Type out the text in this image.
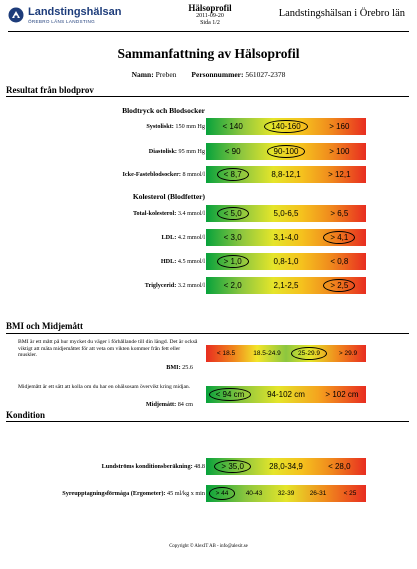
Landstingshälsan
ÖREBRO LÄNS LANDSTING
Hälsoprofil
2011-09-20
Sida 1/2
Landstingshälsan i Örebro län
Sammanfattning av Hälsoprofil
Namn: Preben Personnummer: 561027-2378
Resultat från blodprov
Blodtryck och Blodsocker
Kolesterol (Blodfetter)
Systoliskt: 150 mm Hg < 140	140-160	> 160
Diastolisk: 95 mm Hg < 90	90-100	> 100
Icke-Fasteblodsocker: 8 mmol/l	< 8,7	8,8-12,1	> 12,1
Total-kolesterol: 3.4 mmol/l	< 5,0	5,0-6,5	> 6,5
LDL: 4.2 mmol/l < 3,0	3,1-4,0	> 4,1
HDL: 4.5 mmol/l	> 1,0	0,8-1,0	< 0,8
Triglycerid: 3.2 mmol/l < 2,0	2,1-2,5	> 2,5
BMI och Midjemått
BMI är ett mått på hur mycket du väger i förhållande till din längd. Det är också viktigt att mäta midjemåttet för att veta om vikten kommer från fett eller muskler.
BMI: 25.6
< 18.5	18.5-24.9	25-29.9	> 29.9
Midjemått är ett sätt att kolla om du har en ohälsosam övervikt kring midjan.
Midjemått: 84 cm
< 94 cm	94-102 cm	> 102 cm
Kondition
Lundströms konditionsberäkning: 48.8	> 35,0	28,0-34,9	< 28,0
Syreupptagningsförmåga (Ergometer): 45 ml/kg x min	> 44	40-43 32-39 26-31	< 25
Copyright © AlexIT AB - info@alexit.se
